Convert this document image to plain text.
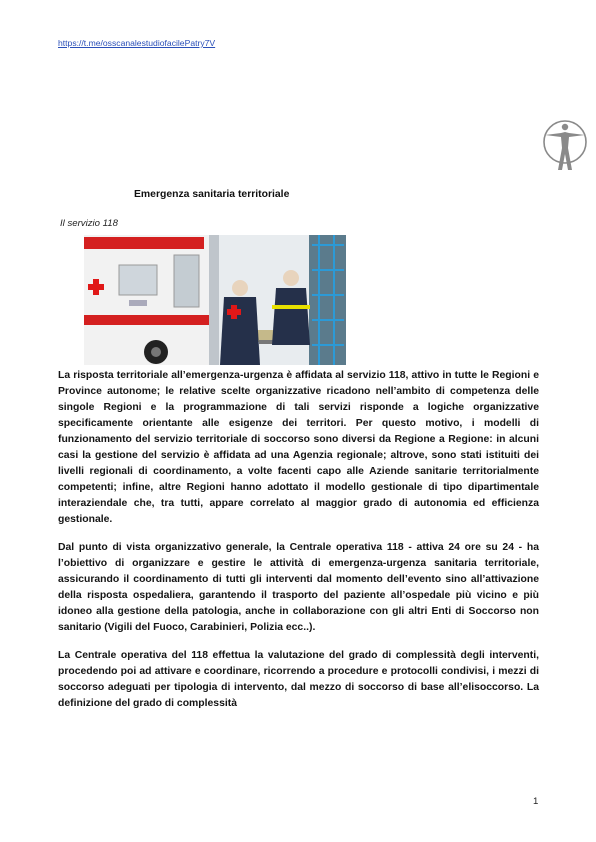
https://t.me/osscanalestudiofacilePatry7V
Emergenza sanitaria territoriale
Il servizio 118

La risposta territoriale all’emergenza-urgenza è affidata al servizio 118, attivo in tutte le Regioni e Province autonome; le relative scelte organizzative ricadono nell’ambito di competenza delle singole Regioni e la programmazione di tali servizi risponde a logiche organizzative specificamente orientante alle esigenze dei territori. Per questo motivo, i modelli di funzionamento del servizio territoriale di soccorso sono diversi da Regione a Regione: in alcuni casi la gestione del servizio è affidata ad una Agenzia regionale; altrove, sono stati istituiti dei livelli regionali di coordinamento, a volte facenti capo alle Aziende sanitarie territorialmente competenti; infine, altre Regioni hanno adottato il modello gestionale di tipo dipartimentale interaziendale che, tra tutti, appare correlato al maggior grado di autonomia ed efficienza gestionale.

Dal punto di vista organizzativo generale, la Centrale operativa 118 - attiva 24 ore su 24 - ha l’obiettivo di organizzare e gestire le attività di emergenza-urgenza sanitaria territoriale, assicurando il coordinamento di tutti gli interventi dal momento dell’evento sino all’attivazione della risposta ospedaliera, garantendo il trasporto del paziente all’ospedale più vicino e più idoneo alla gestione della patologia, anche in collaborazione con gli altri Enti di Soccorso non sanitario (Vigili del Fuoco, Carabinieri, Polizia ecc..).

La Centrale operativa del 118 effettua la valutazione del grado di complessità degli interventi, procedendo poi ad attivare e coordinare, ricorrendo a procedure e protocolli condivisi, i mezzi di soccorso adeguati per tipologia di intervento, dal mezzo di soccorso di base all’elisoccorso. La definizione del grado di complessità

1
